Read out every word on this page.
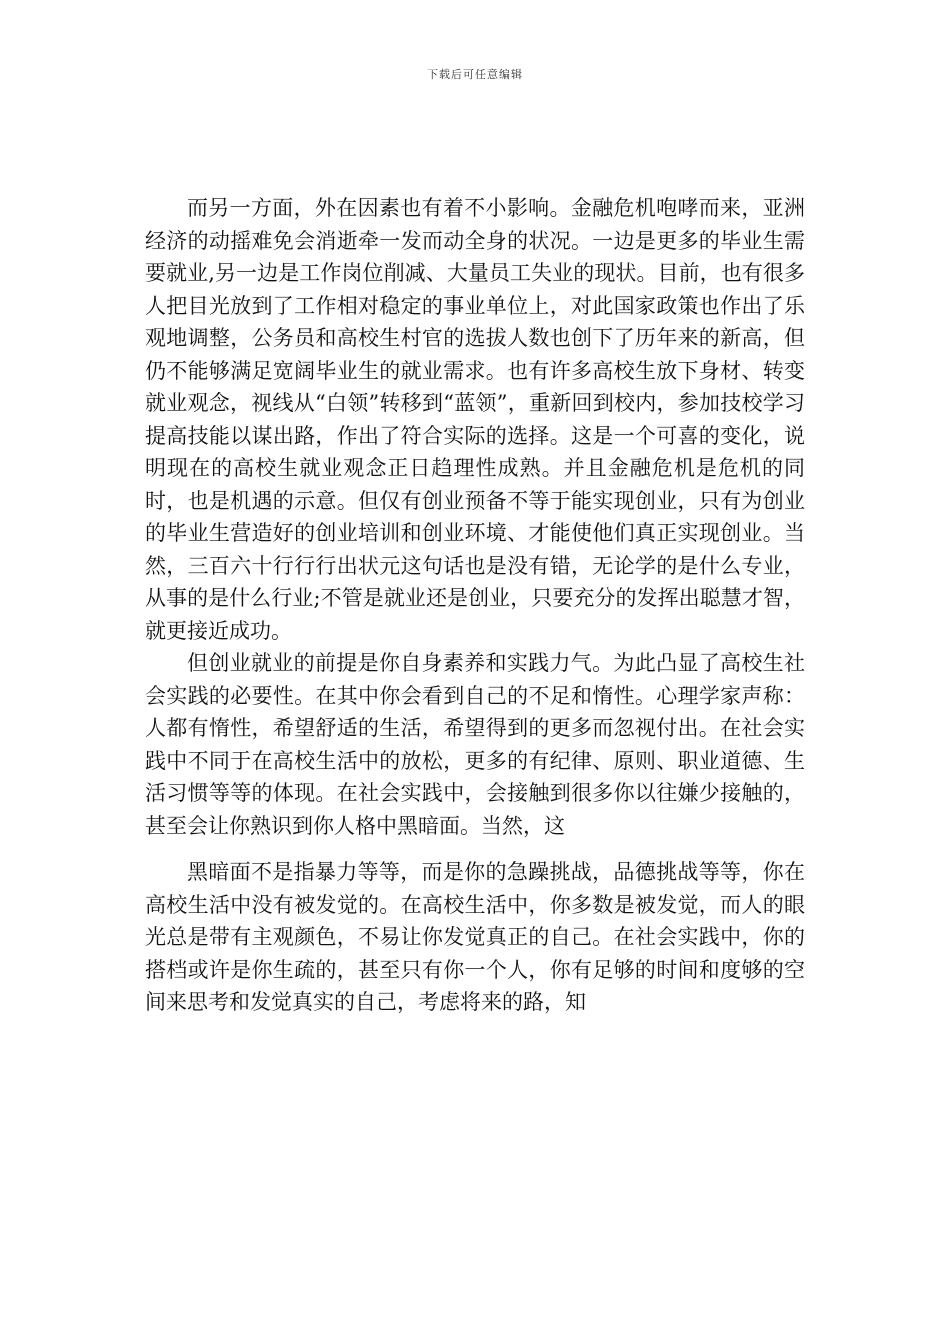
下载后可任意编辑

而另一方面，外在因素也有着不小影响。金融危机咆哮而来，亚洲经济的动摇难免会消逝牵一发而动全身的状况。一边是更多的毕业生需要就业,另一边是工作岗位削减、大量员工失业的现状。目前，也有很多人把目光放到了工作相对稳定的事业单位上，对此国家政策也作出了乐观地调整，公务员和高校生村官的选拔人数也创下了历年来的新高，但仍不能够满足宽阔毕业生的就业需求。也有许多高校生放下身材、转变就业观念，视线从“白领”转移到“蓝领”，重新回到校内，参加技校学习提高技能以谋出路，作出了符合实际的选择。这是一个可喜的变化，说明现在的高校生就业观念正日趋理性成熟。并且金融危机是危机的同时，也是机遇的示意。但仅有创业预备不等于能实现创业，只有为创业的毕业生营造好的创业培训和创业环境、才能使他们真正实现创业。当然，三百六十行行行出状元这句话也是没有错，无论学的是什么专业，从事的是什么行业;不管是就业还是创业，只要充分的发挥出聪慧才智，就更接近成功。

但创业就业的前提是你自身素养和实践力气。为此凸显了高校生社会实践的必要性。在其中你会看到自己的不足和惰性。心理学家声称：人都有惰性，希望舒适的生活，希望得到的更多而忽视付出。在社会实践中不同于在高校生活中的放松，更多的有纪律、原则、职业道德、生活习惯等等的体现。在社会实践中，会接触到很多你以往嫌少接触的，甚至会让你熟识到你人格中黑暗面。当然，这

黑暗面不是指暴力等等，而是你的急躁挑战，品德挑战等等，你在高校生活中没有被发觉的。在高校生活中，你多数是被发觉，而人的眼光总是带有主观颜色，不易让你发觉真正的自己。在社会实践中，你的搭档或许是你生疏的，甚至只有你一个人，你有足够的时间和度够的空间来思考和发觉真实的自己，考虑将来的路，知
